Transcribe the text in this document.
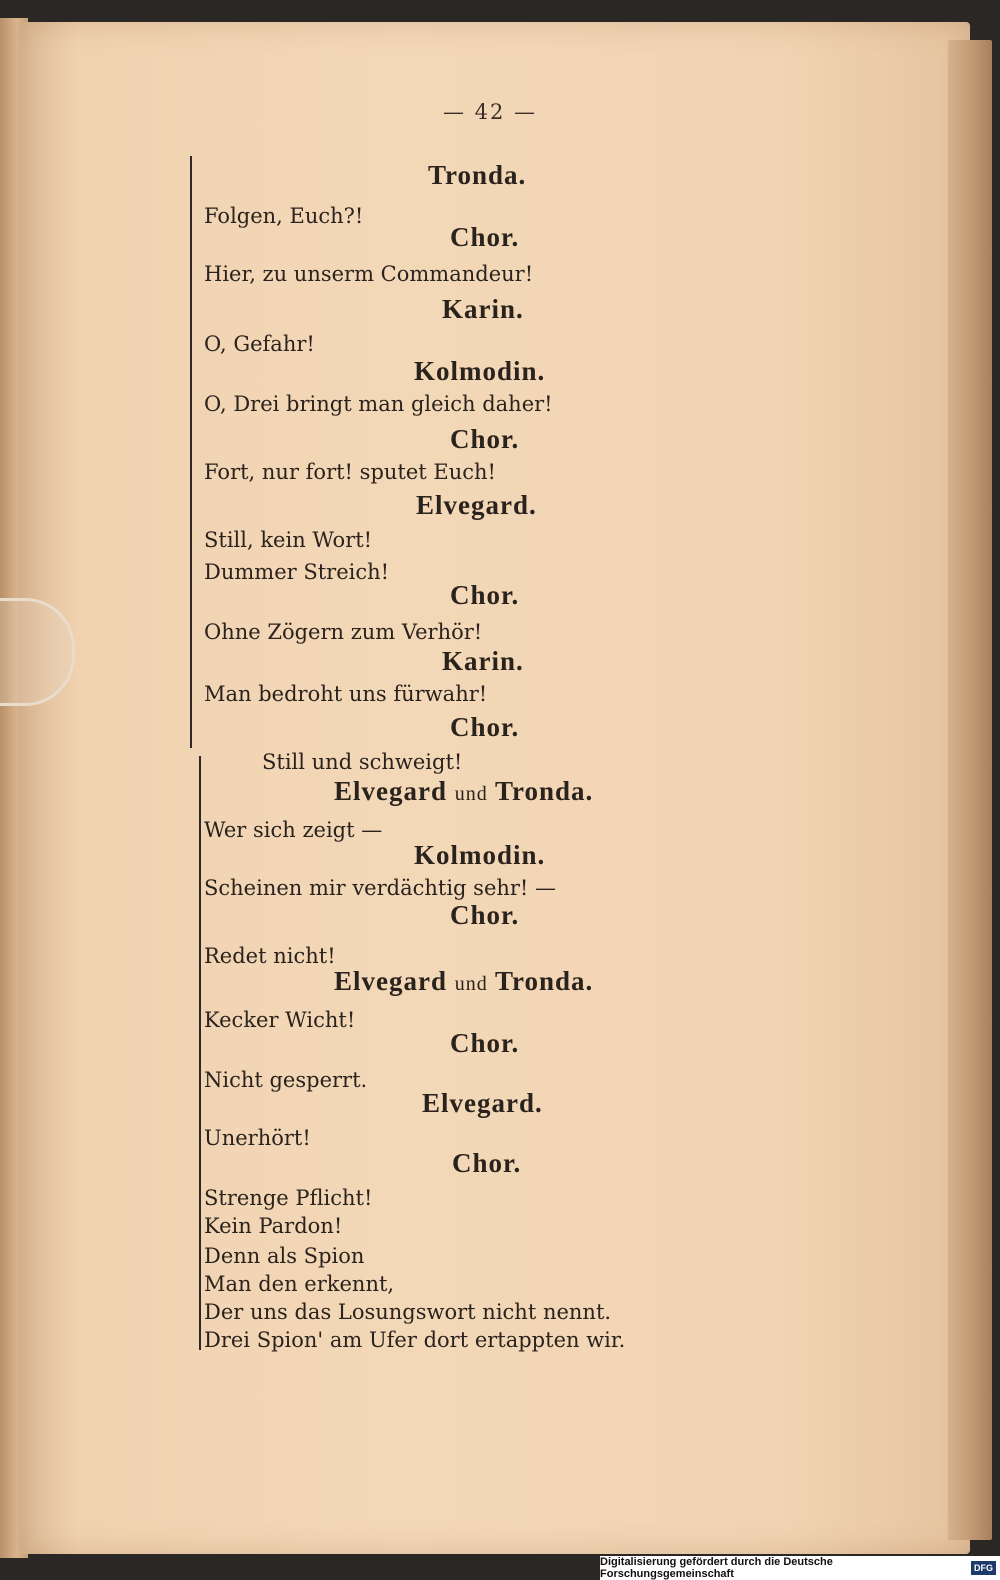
— 42 —
Tronda.
Folgen, Euch?!
Chor.
Hier, zu unserm Commandeur!
Karin.
O, Gefahr!
Kolmodin.
O, Drei bringt man gleich daher!
Chor.
Fort, nur fort! sputet Euch!
Elvegard.
Still, kein Wort!
Dummer Streich!
Chor.
Ohne Zögern zum Verhör!
Karin.
Man bedroht uns fürwahr!
Chor.
Still und schweigt!
Elvegard und Tronda.
Wer sich zeigt —
Kolmodin.
Scheinen mir verdächtig sehr! —
Chor.
Redet nicht!
Elvegard und Tronda.
Kecker Wicht!
Chor.
Nicht gesperrt.
Elvegard.
Unerhört!
Chor.
Strenge Pflicht!
Kein Pardon!
Denn als Spion
Man den erkennt,
Der uns das Losungswort nicht nennt.
Drei Spion' am Ufer dort ertappten wir.
Digitalisierung gefördert durch die Deutsche Forschungsgemeinschaft	DFG
